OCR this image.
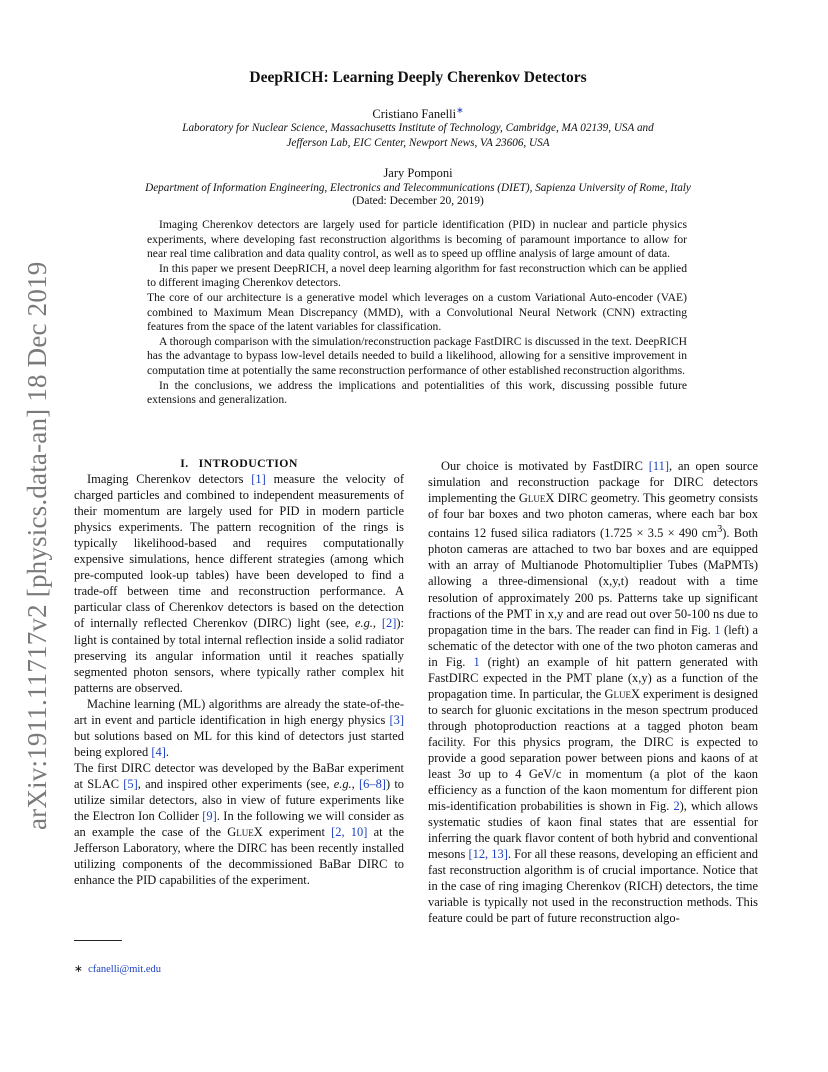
arXiv:1911.11717v2 [physics.data-an] 18 Dec 2019
DeepRICH: Learning Deeply Cherenkov Detectors
Cristiano Fanelli∗
Laboratory for Nuclear Science, Massachusetts Institute of Technology, Cambridge, MA 02139, USA and
Jefferson Lab, EIC Center, Newport News, VA 23606, USA
Jary Pomponi
Department of Information Engineering, Electronics and Telecommunications (DIET), Sapienza University of Rome, Italy
(Dated: December 20, 2019)

Imaging Cherenkov detectors are largely used for particle identification (PID) in nuclear and particle physics experiments, where developing fast reconstruction algorithms is becoming of paramount importance to allow for near real time calibration and data quality control, as well as to speed up offline analysis of large amount of data.

In this paper we present DeepRICH, a novel deep learning algorithm for fast reconstruction which can be applied to different imaging Cherenkov detectors.

The core of our architecture is a generative model which leverages on a custom Variational Auto-encoder (VAE) combined to Maximum Mean Discrepancy (MMD), with a Convolutional Neural Network (CNN) extracting features from the space of the latent variables for classification.

A thorough comparison with the simulation/reconstruction package FastDIRC is discussed in the text. DeepRICH has the advantage to bypass low-level details needed to build a likelihood, allowing for a sensitive improvement in computation time at potentially the same reconstruction performance of other established reconstruction algorithms.

In the conclusions, we address the implications and potentialities of this work, discussing possible future extensions and generalization.

I. INTRODUCTION

Imaging Cherenkov detectors [1] measure the velocity of charged particles and combined to independent measurements of their momentum are largely used for PID in modern particle physics experiments. The pattern recognition of the rings is typically likelihood-based and requires computationally expensive simulations, hence different strategies (among which pre-computed look-up tables) have been developed to find a trade-off between time and reconstruction performance. A particular class of Cherenkov detectors is based on the detection of internally reflected Cherenkov (DIRC) light (see, e.g., [2]): light is contained by total internal reflection inside a solid radiator preserving its angular information until it reaches spatially segmented photon sensors, where typically rather complex hit patterns are observed.

Machine learning (ML) algorithms are already the state-of-the-art in event and particle identification in high energy physics [3] but solutions based on ML for this kind of detectors just started being explored [4].

The first DIRC detector was developed by the BaBar experiment at SLAC [5], and inspired other experiments (see, e.g., [6–8]) to utilize similar detectors, also in view of future experiments like the Electron Ion Collider [9]. In the following we will consider as an example the case of the GlueX experiment [2, 10] at the Jefferson Laboratory, where the DIRC has been recently installed utilizing components of the decommissioned BaBar DIRC to enhance the PID capabilities of the experiment.

Our choice is motivated by FastDIRC [11], an open source simulation and reconstruction package for DIRC detectors implementing the GlueX DIRC geometry. This geometry consists of four bar boxes and two photon cameras, where each bar box contains 12 fused silica radiators (1.725 × 3.5 × 490 $cm^3$). Both photon cameras are attached to two bar boxes and are equipped with an array of Multianode Photomultiplier Tubes (MaPMTs) allowing a three-dimensional (x,y,t) readout with a time resolution of approximately 200 ps. Patterns take up significant fractions of the PMT in x,y and are read out over 50-100 ns due to propagation time in the bars. The reader can find in Fig. 1 (left) a schematic of the detector with one of the two photon cameras and in Fig. 1 (right) an example of hit pattern generated with FastDIRC expected in the PMT plane (x,y) as a function of the propagation time. In particular, the GlueX experiment is designed to search for gluonic excitations in the meson spectrum produced through photoproduction reactions at a tagged photon beam facility. For this physics program, the DIRC is expected to provide a good separation power between pions and kaons of at least 3σ up to 4 GeV/c in momentum (a plot of the kaon efficiency as a function of the kaon momentum for different pion mis-identification probabilities is shown in Fig. 2), which allows systematic studies of kaon final states that are essential for inferring the quark flavor content of both hybrid and conventional mesons [12, 13]. For all these reasons, developing an efficient and fast reconstruction algorithm is of crucial importance. Notice that in the case of ring imaging Cherenkov (RICH) detectors, the time variable is typically not used in the reconstruction methods. This feature could be part of future reconstruction algo-

∗ cfanelli@mit.edu
